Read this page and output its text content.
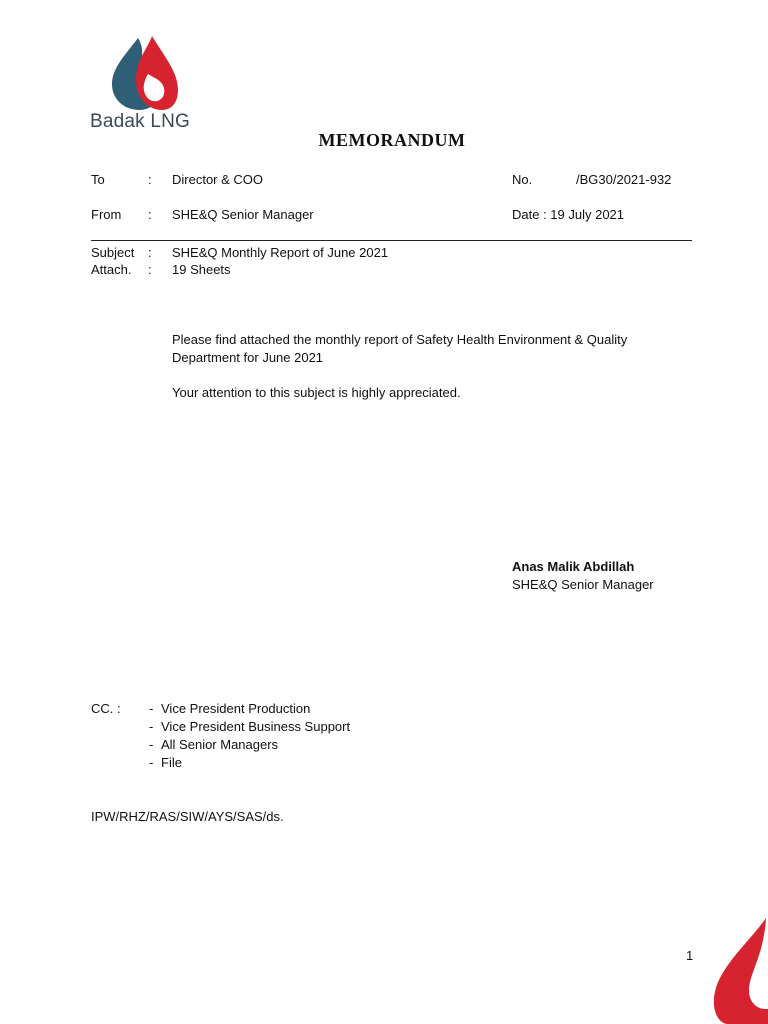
Badak LNG
MEMORANDUM
To	: Director & COO	No.	/BG30/2021-932
From : SHE&Q Senior Manager	Date : 19 July 2021
Subject : SHE&Q Monthly Report of June 2021
Attach. : 19 Sheets
Please find attached the monthly report of Safety Health Environment & Quality
Department for June 2021
Your attention to this subject is highly appreciated.
Anas Malik Abdillah
SHE&Q Senior Manager
CC. : - Vice President Production
- Vice President Business Support
- All Senior Managers
- File
IPW/RHZ/RAS/SIW/AYS/SAS/ds.
1
